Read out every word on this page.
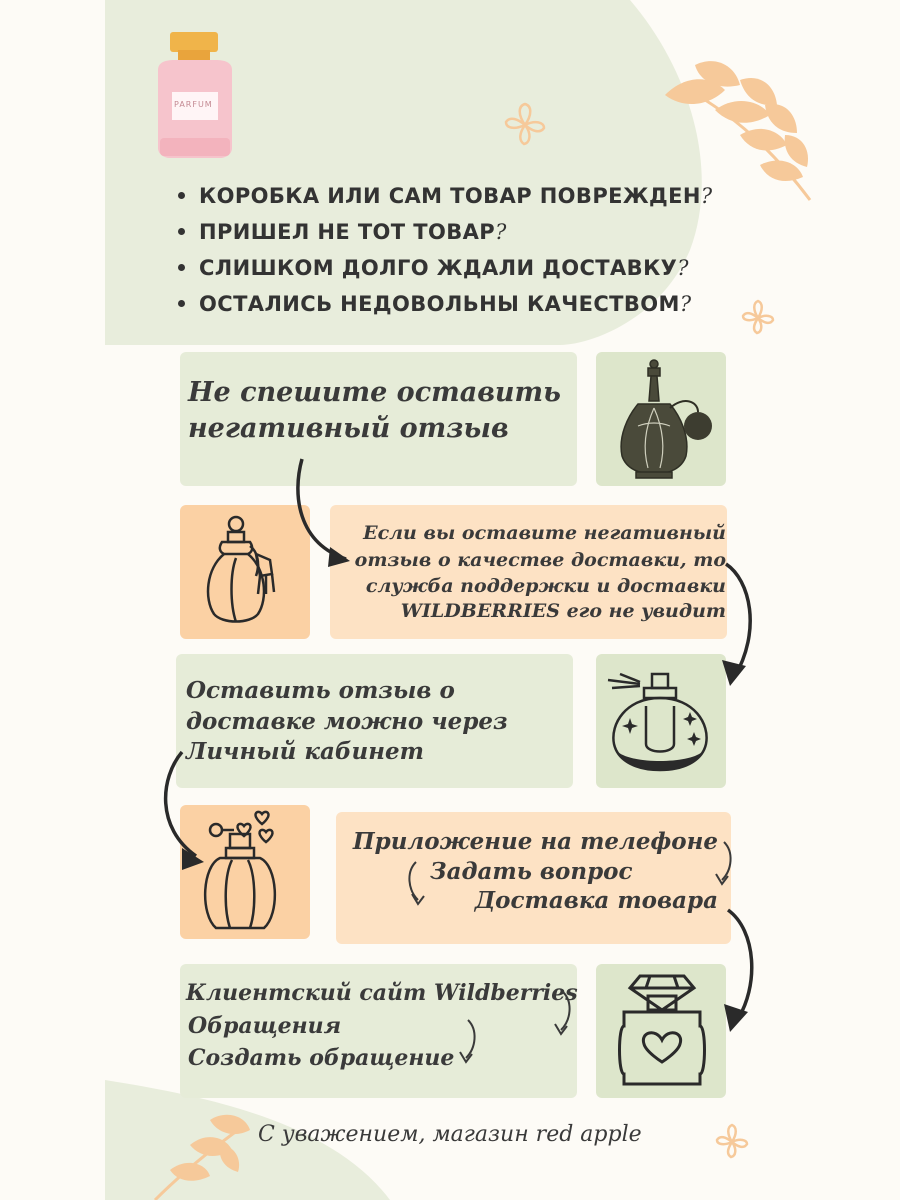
PARFUM
КОРОБКА ИЛИ САМ ТОВАР ПОВРЕЖДЕН?
ПРИШЕЛ НЕ ТОТ ТОВАР?
СЛИШКОМ ДОЛГО ЖДАЛИ ДОСТАВКУ?
ОСТАЛИСЬ НЕДОВОЛЬНЫ КАЧЕСТВОМ?
Не спешите оставить
негативный отзыв
Если вы оставите негативный
отзыв о качестве доставки, то
служба поддержки и доставки
WILDBERRIES его не увидит
Оставить отзыв о
доставке можно через
Личный кабинет
Приложение на телефоне
Задать вопрос
Доставка товара
Клиентский сайт Wildberries
Обращения
Создать обращение
С уважением, магазин red apple
